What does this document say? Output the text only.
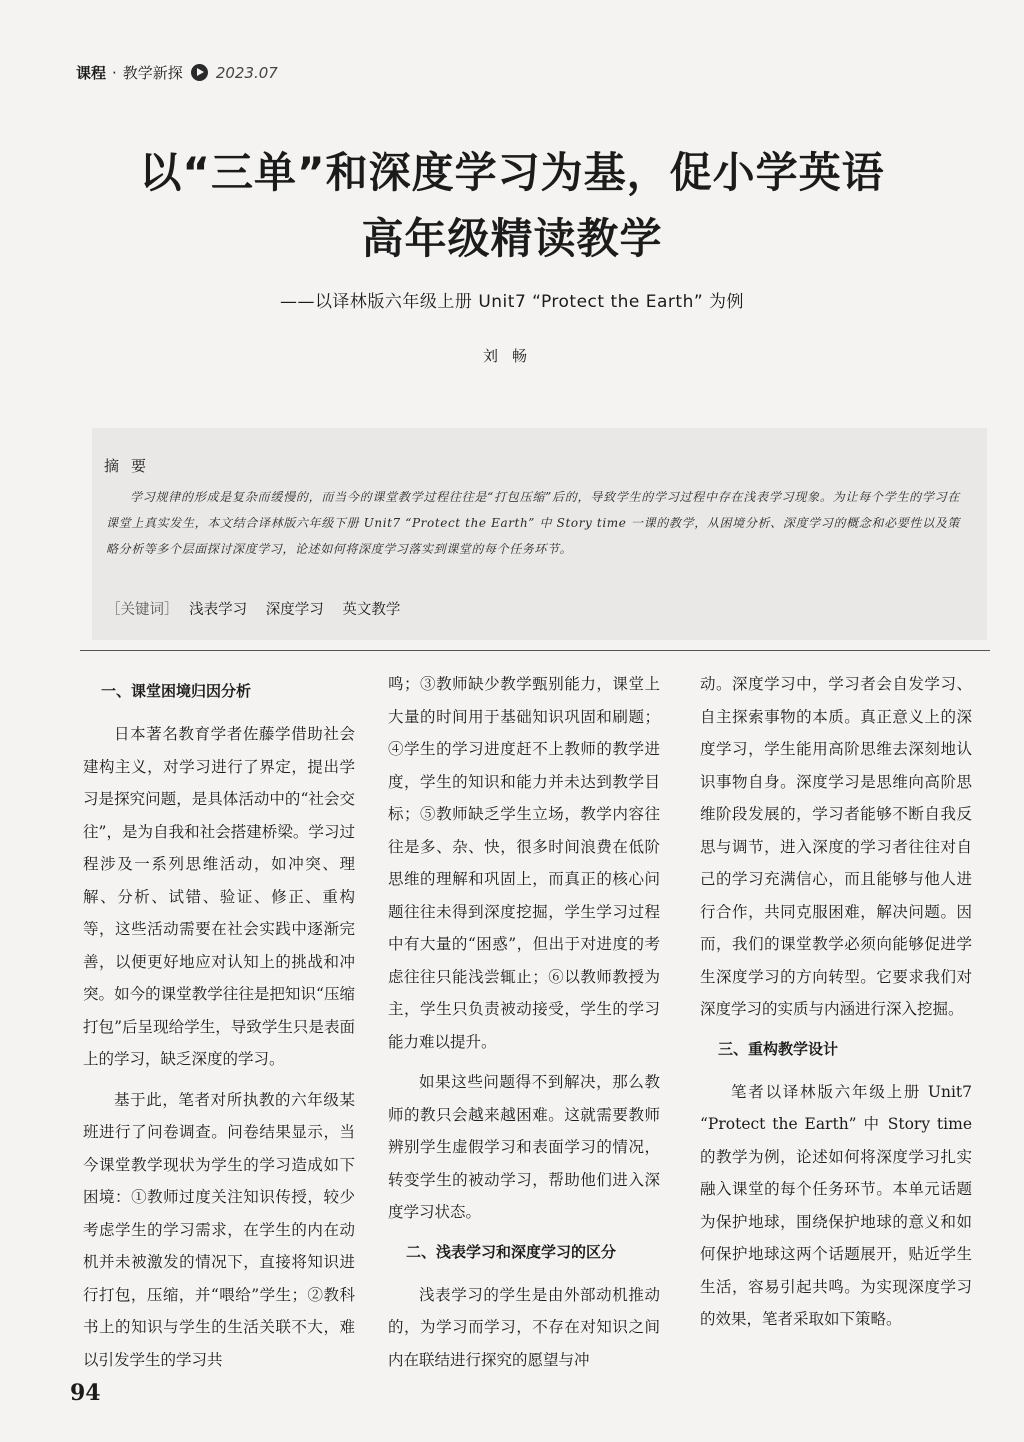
课程 · 教学新探 2023.07
以“三单”和深度学习为基，促小学英语
高年级精读教学
——以译林版六年级上册 Unit7 “Protect the Earth” 为例
刘畅
摘要
学习规律的形成是复杂而缓慢的，而当今的课堂教学过程往往是“打包压缩”后的，导致学生的学习过程中存在浅表学习现象。为让每个学生的学习在课堂上真实发生，本文结合译林版六年级下册 Unit7 “Protect the Earth” 中 Story time 一课的教学，从困境分析、深度学习的概念和必要性以及策略分析等多个层面探讨深度学习，论述如何将深度学习落实到课堂的每个任务环节。
［关键词］ 浅表学习 深度学习 英文教学
一、课堂困境归因分析

日本著名教育学者佐藤学借助社会建构主义，对学习进行了界定，提出学习是探究问题，是具体活动中的“社会交往”，是为自我和社会搭建桥梁。学习过程涉及一系列思维活动，如冲突、理解、分析、试错、验证、修正、重构等，这些活动需要在社会实践中逐渐完善，以便更好地应对认知上的挑战和冲突。如今的课堂教学往往是把知识“压缩打包”后呈现给学生，导致学生只是表面上的学习，缺乏深度的学习。

基于此，笔者对所执教的六年级某班进行了问卷调查。问卷结果显示，当今课堂教学现状为学生的学习造成如下困境：①教师过度关注知识传授，较少考虑学生的学习需求，在学生的内在动机并未被激发的情况下，直接将知识进行打包，压缩，并“喂给”学生；②教科书上的知识与学生的生活关联不大，难以引发学生的学习共

鸣；③教师缺少教学甄别能力，课堂上大量的时间用于基础知识巩固和刷题；④学生的学习进度赶不上教师的教学进度，学生的知识和能力并未达到教学目标；⑤教师缺乏学生立场，教学内容往往是多、杂、快，很多时间浪费在低阶思维的理解和巩固上，而真正的核心问题往往未得到深度挖掘，学生学习过程中有大量的“困惑”，但出于对进度的考虑往往只能浅尝辄止；⑥以教师教授为主，学生只负责被动接受，学生的学习能力难以提升。

如果这些问题得不到解决，那么教师的教只会越来越困难。这就需要教师辨别学生虚假学习和表面学习的情况，转变学生的被动学习，帮助他们进入深度学习状态。

二、浅表学习和深度学习的区分

浅表学习的学生是由外部动机推动的，为学习而学习，不存在对知识之间内在联结进行探究的愿望与冲

动。深度学习中，学习者会自发学习、自主探索事物的本质。真正意义上的深度学习，学生能用高阶思维去深刻地认识事物自身。深度学习是思维向高阶思维阶段发展的，学习者能够不断自我反思与调节，进入深度的学习者往往对自己的学习充满信心，而且能够与他人进行合作，共同克服困难，解决问题。因而，我们的课堂教学必须向能够促进学生深度学习的方向转型。它要求我们对深度学习的实质与内涵进行深入挖掘。

三、重构教学设计

笔者以译林版六年级上册 Unit7 “Protect the Earth” 中 Story time 的教学为例，论述如何将深度学习扎实融入课堂的每个任务环节。本单元话题为保护地球，围绕保护地球的意义和如何保护地球这两个话题展开，贴近学生生活，容易引起共鸣。为实现深度学习的效果，笔者采取如下策略。

94
